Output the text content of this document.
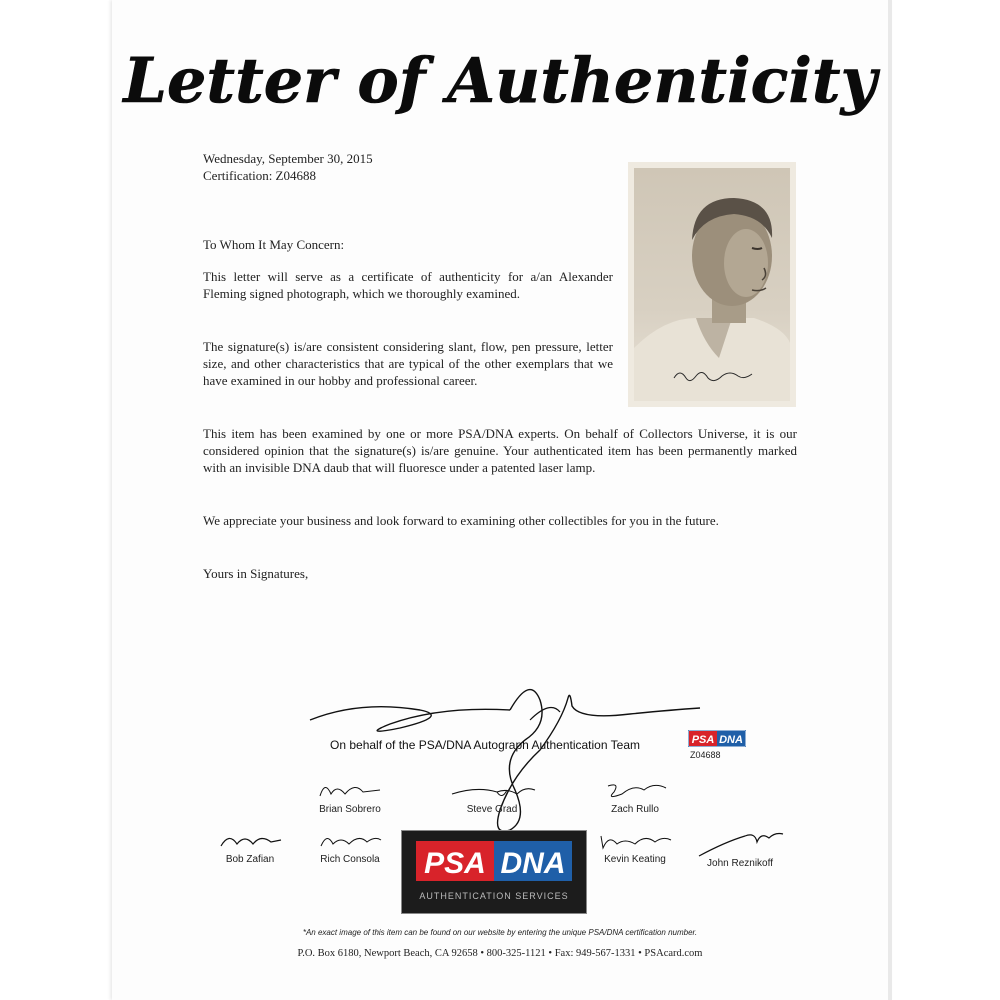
Letter of Authenticity
Wednesday, September 30, 2015
Certification: Z04688
To Whom It May Concern:
This letter will serve as a certificate of authenticity for a/an Alexander Fleming signed photograph, which we thoroughly examined.
The signature(s) is/are consistent considering slant, flow, pen pressure, letter size, and other characteristics that are typical of the other exemplars that we have examined in our hobby and professional career.
This item has been examined by one or more PSA/DNA experts. On behalf of Collectors Universe, it is our considered opinion that the signature(s) is/are genuine. Your authenticated item has been permanently marked with an invisible DNA daub that will fluoresce under a patented laser lamp.
We appreciate your business and look forward to examining other collectibles for you in the future.
Yours in Signatures,
On behalf of the PSA/DNA Autograph Authentication Team	PSA DNA
Z04688
Brian Sobrero	Steve Grad	Zach Rullo
Bob Zafian	Rich Consola	Kevin Keating	John Reznikoff
PSA DNA
AUTHENTICATION SERVICES
*An exact image of this item can be found on our website by entering the unique PSA/DNA certification number.
P.O. Box 6180, Newport Beach, CA 92658 • 800-325-1121 • Fax: 949-567-1331 • PSAcard.com
